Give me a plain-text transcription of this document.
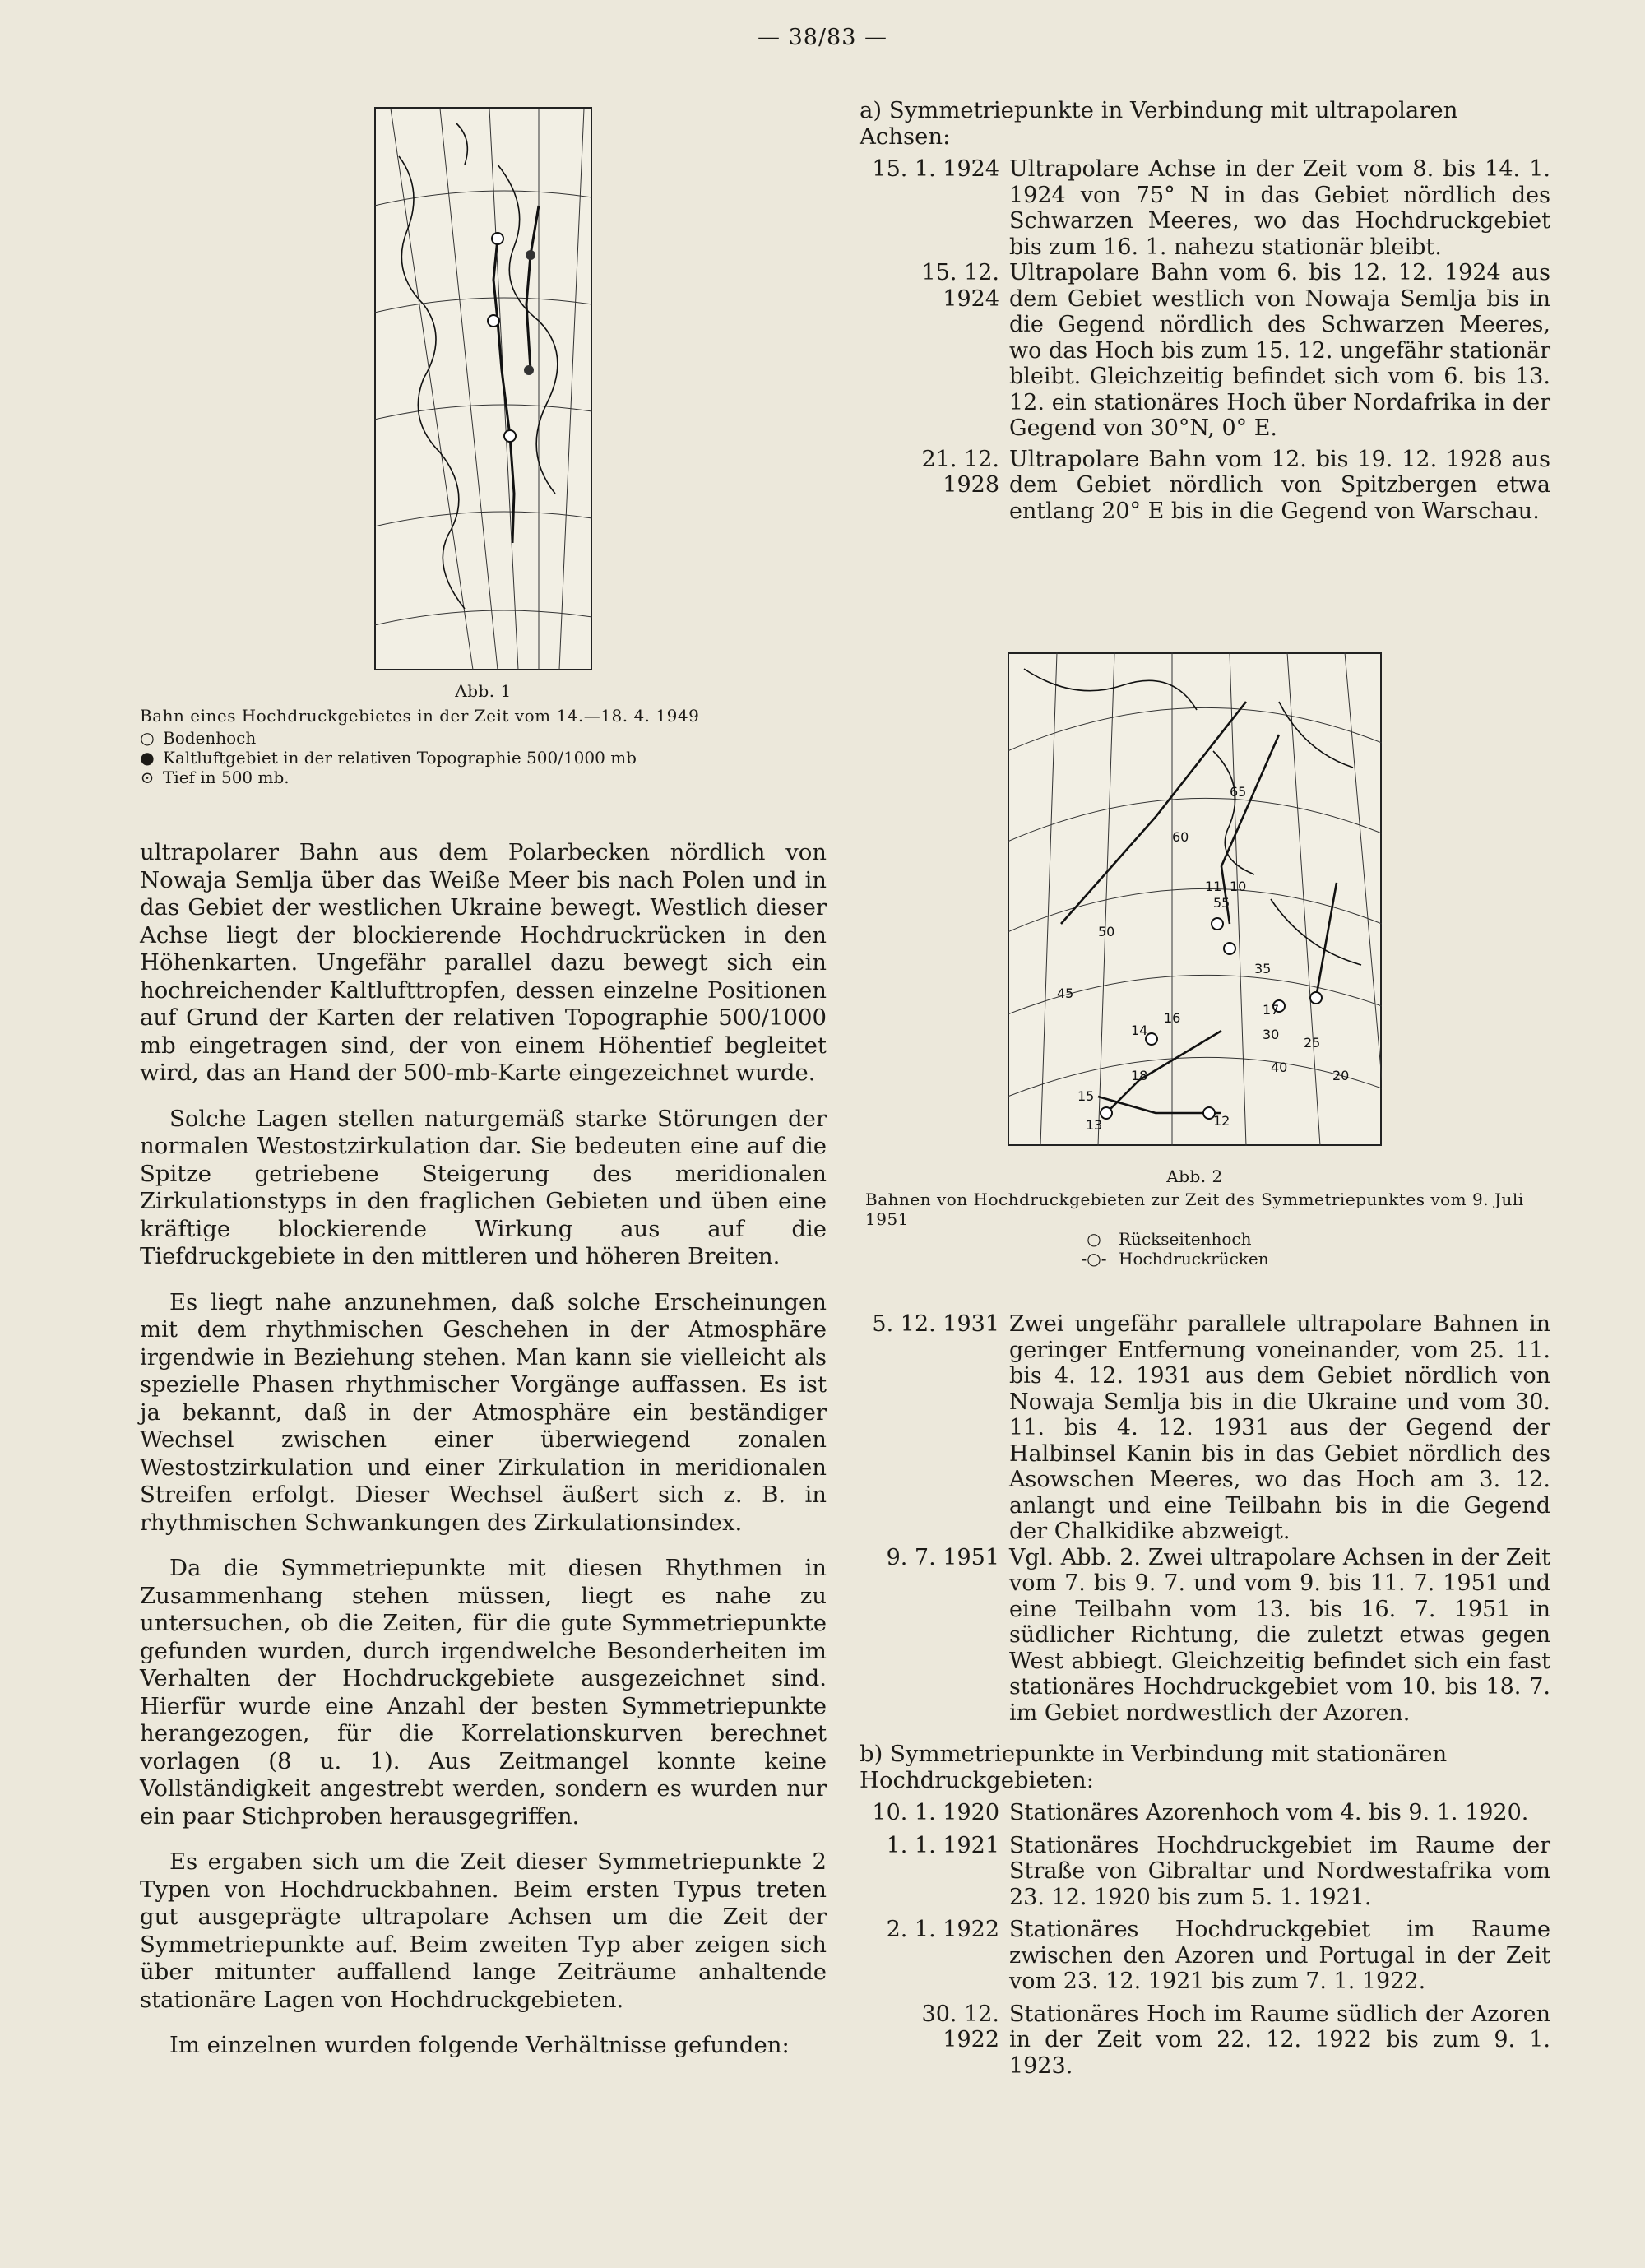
— 38/83 —
Abb. 1
Bahn eines Hochdruckgebietes in der Zeit vom 14.—18. 4. 1949
○ Bodenhoch
● Kaltluftgebiet in der relativen Topographie 500/1000 mb
⊙ Tief in 500 mb.

ultrapolarer Bahn aus dem Polarbecken nördlich von Nowaja Semlja über das Weiße Meer bis nach Polen und in das Gebiet der westlichen Ukraine bewegt. Westlich dieser Achse liegt der blockierende Hochdruckrücken in den Höhenkarten. Ungefähr parallel dazu bewegt sich ein hochreichender Kaltlufttropfen, dessen einzelne Positionen auf Grund der Karten der relativen Topographie 500/1000 mb eingetragen sind, der von einem Höhentief begleitet wird, das an Hand der 500-mb-Karte eingezeichnet wurde.

Solche Lagen stellen naturgemäß starke Störungen der normalen Westostzirkulation dar. Sie bedeuten eine auf die Spitze getriebene Steigerung des meridionalen Zirkulationstyps in den fraglichen Gebieten und üben eine kräftige blockierende Wirkung aus auf die Tiefdruckgebiete in den mittleren und höheren Breiten.

Es liegt nahe anzunehmen, daß solche Erscheinungen mit dem rhythmischen Geschehen in der Atmosphäre irgendwie in Beziehung stehen. Man kann sie vielleicht als spezielle Phasen rhythmischer Vorgänge auffassen. Es ist ja bekannt, daß in der Atmosphäre ein beständiger Wechsel zwischen einer überwiegend zonalen Westostzirkulation und einer Zirkulation in meridionalen Streifen erfolgt. Dieser Wechsel äußert sich z. B. in rhythmischen Schwankungen des Zirkulationsindex.

Da die Symmetriepunkte mit diesen Rhythmen in Zusammenhang stehen müssen, liegt es nahe zu untersuchen, ob die Zeiten, für die gute Symmetriepunkte gefunden wurden, durch irgendwelche Besonderheiten im Verhalten der Hochdruckgebiete ausgezeichnet sind. Hierfür wurde eine Anzahl der besten Symmetriepunkte herangezogen, für die Korrelationskurven berechnet vorlagen (8 u. 1). Aus Zeitmangel konnte keine Vollständigkeit angestrebt werden, sondern es wurden nur ein paar Stichproben herausgegriffen.

Es ergaben sich um die Zeit dieser Symmetriepunkte 2 Typen von Hochdruckbahnen. Beim ersten Typus treten gut ausgeprägte ultrapolare Achsen um die Zeit der Symmetriepunkte auf. Beim zweiten Typ aber zeigen sich über mitunter auffallend lange Zeiträume anhaltende stationäre Lagen von Hochdruckgebieten.

Im einzelnen wurden folgende Verhältnisse gefunden:

a) Symmetriepunkte in Verbindung mit ultrapolaren Achsen:

15. 1. 1924 Ultrapolare Achse in der Zeit vom 8. bis 14. 1. 1924 von 75° N in das Gebiet nördlich des Schwarzen Meeres, wo das Hochdruckgebiet bis zum 16. 1. nahezu stationär bleibt.
15. 12. 1924
Ultrapolare Bahn vom 6. bis 12. 12. 1924 aus dem Gebiet westlich von Nowaja Semlja bis in die Gegend nördlich des Schwarzen Meeres, wo das Hoch bis zum 15. 12. ungefähr stationär bleibt. Gleichzeitig befindet sich vom 6. bis 13. 12. ein stationäres Hoch über Nordafrika in der Gegend von 30°N, 0° E.
21. 12. 1928
Ultrapolare Bahn vom 12. bis 19. 12. 1928 aus dem Gebiet nördlich von Spitzbergen etwa entlang 20° E bis in die Gegend von Warschau.
65
60
55
50
45
40
35
30
25
20
11 10
12
13
14
15
16
17
18
Abb. 2
Bahnen von Hochdruckgebieten zur Zeit des Symmetriepunktes vom 9. Juli 1951
○	Rückseitenhoch
-○- Hochdruckrücken
5. 12. 1931 Zwei ungefähr parallele ultrapolare Bahnen in geringer Entfernung voneinander, vom 25. 11. bis 4. 12. 1931 aus dem Gebiet nördlich von Nowaja Semlja bis in die Ukraine und vom 30. 11. bis 4. 12. 1931 aus der Gegend der Halbinsel Kanin bis in das Gebiet nördlich des Asowschen Meeres, wo das Hoch am 3. 12. anlangt und eine Teilbahn bis in die Gegend der Chalkidike abzweigt.
9. 7. 1951 Vgl. Abb. 2. Zwei ultrapolare Achsen in der Zeit vom 7. bis 9. 7. und vom 9. bis 11. 7. 1951 und eine Teilbahn vom 13. bis 16. 7. 1951 in südlicher Richtung, die zuletzt etwas gegen West abbiegt. Gleichzeitig befindet sich ein fast stationäres Hochdruckgebiet vom 10. bis 18. 7. im Gebiet nordwestlich der Azoren.

b) Symmetriepunkte in Verbindung mit stationären Hochdruckgebieten:

10. 1. 1920 Stationäres Azorenhoch vom 4. bis 9. 1. 1920.
1. 1. 1921 Stationäres Hochdruckgebiet im Raume der Straße von Gibraltar und Nordwestafrika vom 23. 12. 1920 bis zum 5. 1. 1921.
2. 1. 1922 Stationäres Hochdruckgebiet im Raume zwischen den Azoren und Portugal in der Zeit vom 23. 12. 1921 bis zum 7. 1. 1922.
30. 12. 1922
Stationäres Hoch im Raume südlich der Azoren in der Zeit vom 22. 12. 1922 bis zum 9. 1. 1923.
